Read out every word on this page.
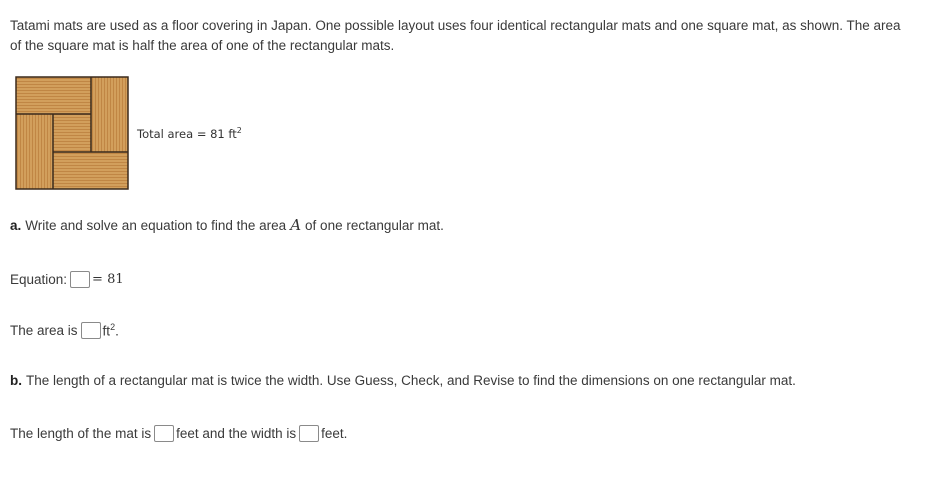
Tatami mats are used as a floor covering in Japan. One possible layout uses four identical rectangular mats and one square mat, as shown. The area of the square mat is half the area of one of the rectangular mats.

Total area = 81 $ft^2$
a. Write and solve an equation to find the area A of one rectangular mat.
Equation: = 81
The area is $ft^2$.
b. The length of a rectangular mat is twice the width. Use Guess, Check, and Revise to find the dimensions on one rectangular mat.
The length of the mat is feet and the width is feet.
